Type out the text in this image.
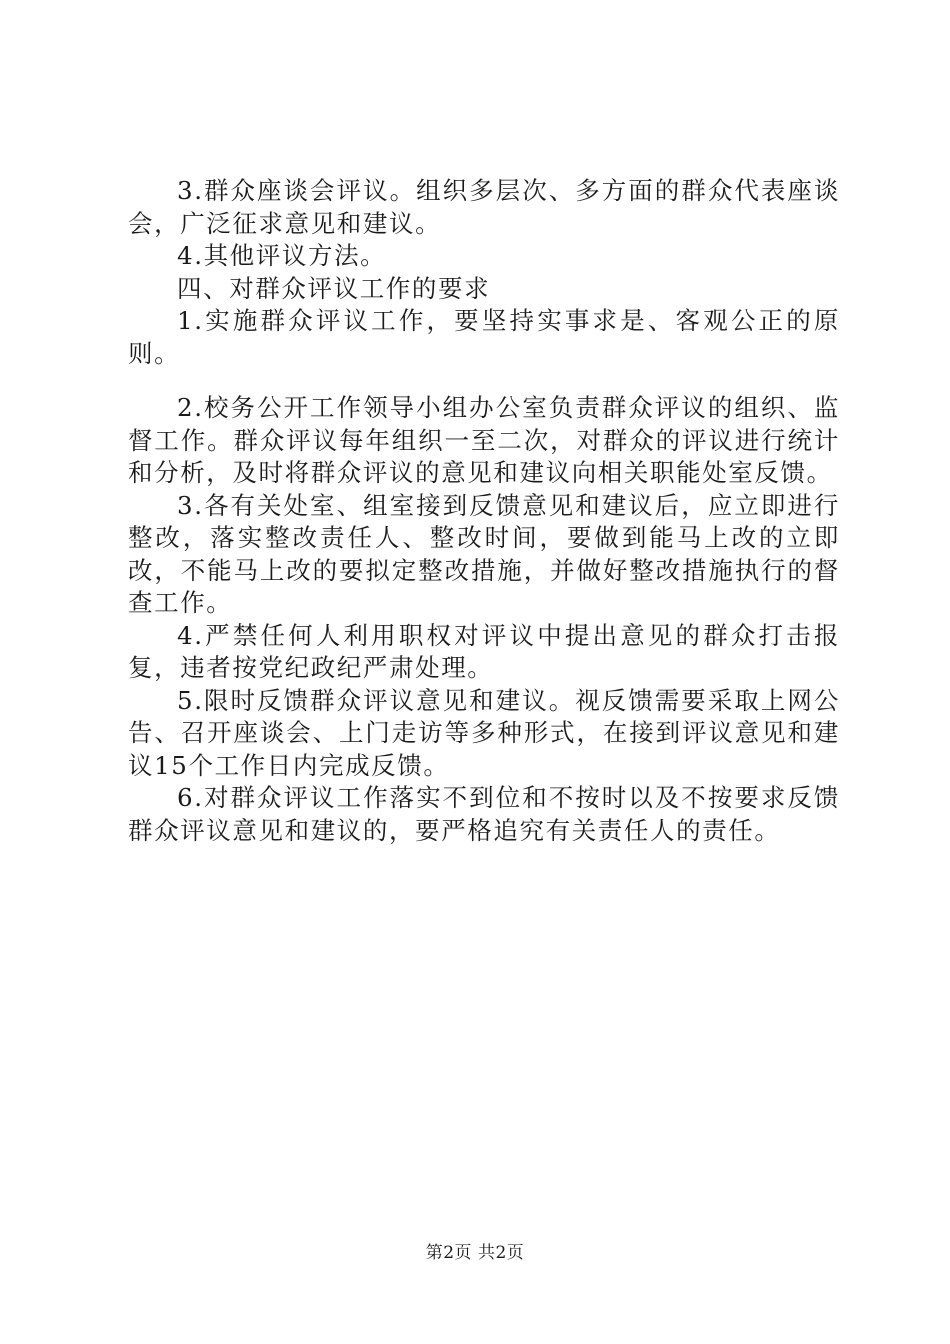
3.群众座谈会评议。组织多层次、多方面的群众代表座谈会，广泛征求意见和建议。

4.其他评议方法。

四、对群众评议工作的要求

1.实施群众评议工作，要坚持实事求是、客观公正的原则。

2.校务公开工作领导小组办公室负责群众评议的组织、监督工作。群众评议每年组织一至二次，对群众的评议进行统计和分析，及时将群众评议的意见和建议向相关职能处室反馈。

3.各有关处室、组室接到反馈意见和建议后，应立即进行整改，落实整改责任人、整改时间，要做到能马上改的立即改，不能马上改的要拟定整改措施，并做好整改措施执行的督查工作。

4.严禁任何人利用职权对评议中提出意见的群众打击报复，违者按党纪政纪严肃处理。

5.限时反馈群众评议意见和建议。视反馈需要采取上网公告、召开座谈会、上门走访等多种形式，在接到评议意见和建议15个工作日内完成反馈。

6.对群众评议工作落实不到位和不按时以及不按要求反馈群众评议意见和建议的，要严格追究有关责任人的责任。

第2页 共2页
